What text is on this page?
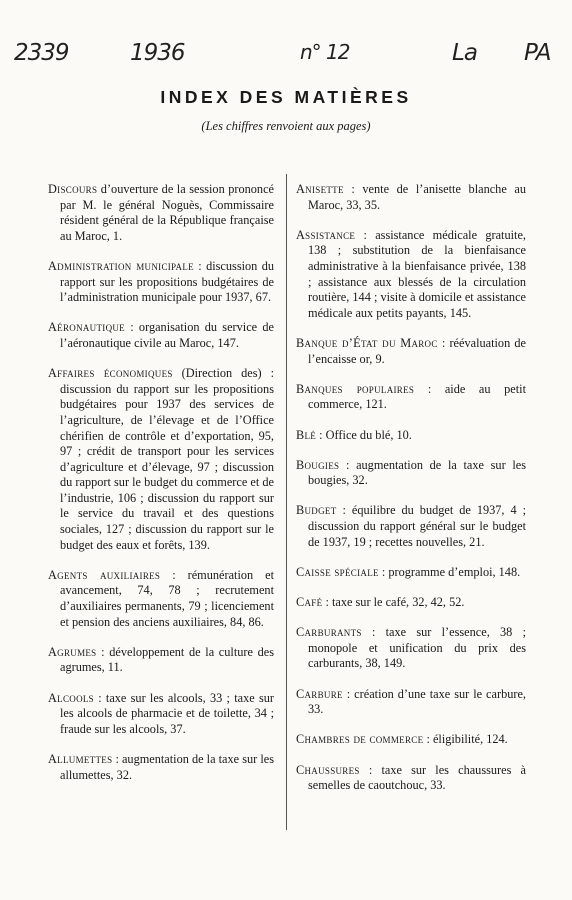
2339	1936	n° 12	La PA
INDEX DES MATIÈRES
(Les chiffres renvoient aux pages)

Discours d’ouverture de la session prononcé par M. le général Noguès, Commissaire résident général de la République française au Maroc, 1.

Administration municipale : discussion du rapport sur les propositions budgétaires de l’administration municipale pour 1937, 67.

Aéronautique : organisation du service de l’aéronautique civile au Maroc, 147.

Affaires économiques (Direction des) : discussion du rapport sur les propositions budgétaires pour 1937 des services de l’agriculture, de l’élevage et de l’Office chérifien de contrôle et d’exportation, 95, 97 ; crédit de transport pour les services d’agriculture et d’élevage, 97 ; discussion du rapport sur le budget du commerce et de l’industrie, 106 ; discussion du rapport sur le service du travail et des questions sociales, 127 ; discussion du rapport sur le budget des eaux et forêts, 139.

Agents auxiliaires : rémunération et avancement, 74, 78 ; recrutement d’auxiliaires permanents, 79 ; licenciement et pension des anciens auxiliaires, 84, 86.

Agrumes : développement de la culture des agrumes, 11.

Alcools : taxe sur les alcools, 33 ; taxe sur les alcools de pharmacie et de toilette, 34 ; fraude sur les alcools, 37.

Allumettes : augmentation de la taxe sur les allumettes, 32.

Anisette : vente de l’anisette blanche au Maroc, 33, 35.

Assistance : assistance médicale gratuite, 138 ; substitution de la bienfaisance administrative à la bienfaisance privée, 138 ; assistance aux blessés de la circulation routière, 144 ; visite à domicile et assistance médicale aux petits payants, 145.

Banque d’État du Maroc : réévaluation de l’encaisse or, 9.

Banques populaires : aide au petit commerce, 121.

Blé : Office du blé, 10.

Bougies : augmentation de la taxe sur les bougies, 32.

Budget : équilibre du budget de 1937, 4 ; discussion du rapport général sur le budget de 1937, 19 ; recettes nouvelles, 21.

Caisse spéciale : programme d’emploi, 148.

Café : taxe sur le café, 32, 42, 52.

Carburants : taxe sur l’essence, 38 ; monopole et unification du prix des carburants, 38, 149.

Carbure : création d’une taxe sur le carbure, 33.

Chambres de commerce : éligibilité, 124.

Chaussures : taxe sur les chaussures à semelles de caoutchouc, 33.
